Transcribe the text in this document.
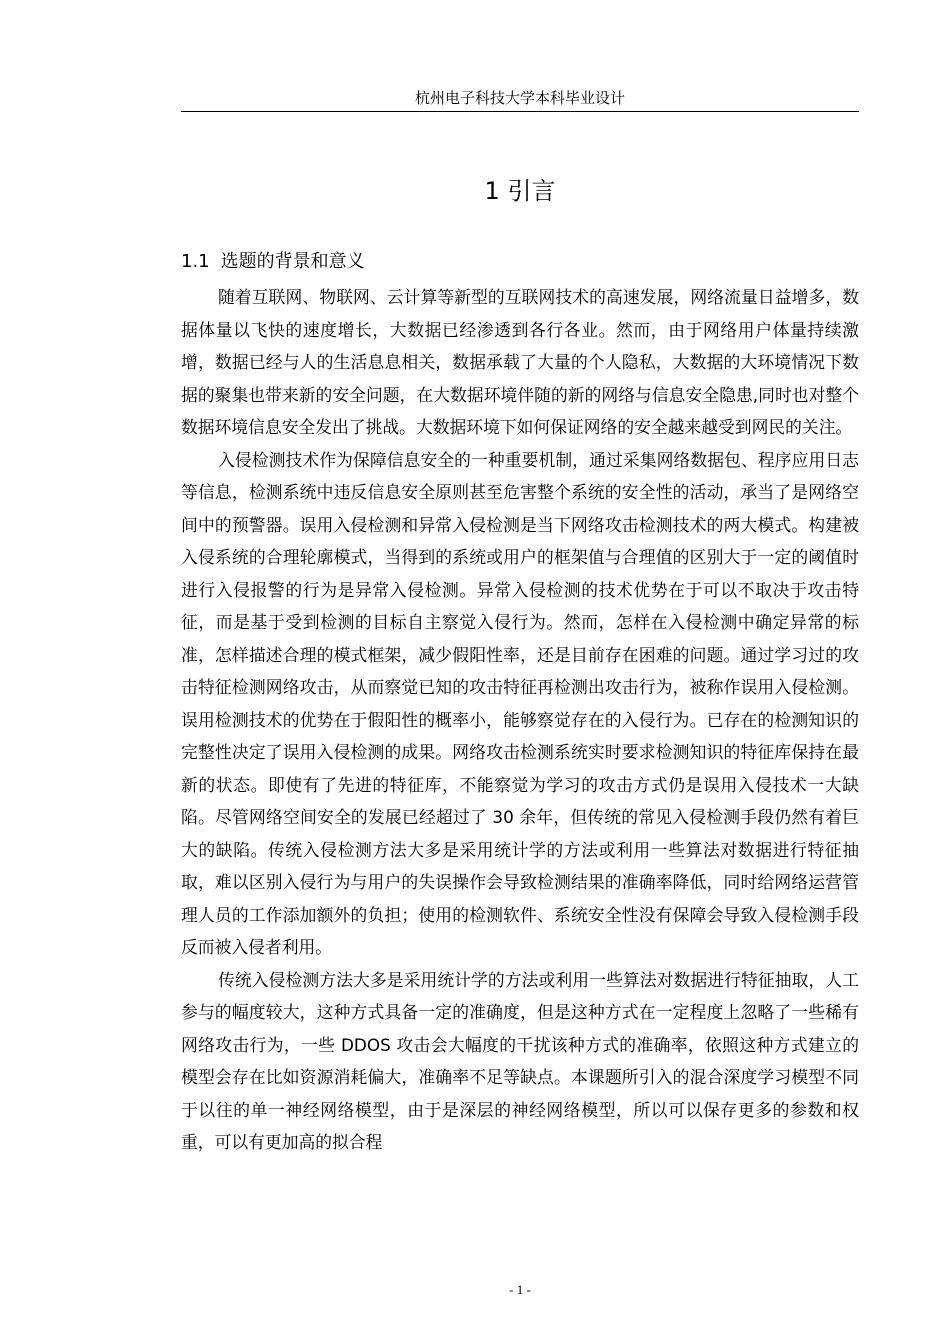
杭州电子科技大学本科毕业设计
1 引言
1.1 选题的背景和意义

随着互联网、物联网、云计算等新型的互联网技术的高速发展，网络流量日益增多，数据体量以飞快的速度增长，大数据已经渗透到各行各业。然而，由于网络用户体量持续激增，数据已经与人的生活息息相关，数据承载了大量的个人隐私，大数据的大环境情况下数据的聚集也带来新的安全问题，在大数据环境伴随的新的网络与信息安全隐患,同时也对整个数据环境信息安全发出了挑战。大数据环境下如何保证网络的安全越来越受到网民的关注。

入侵检测技术作为保障信息安全的一种重要机制，通过采集网络数据包、程序应用日志等信息，检测系统中违反信息安全原则甚至危害整个系统的安全性的活动，承当了是网络空间中的预警器。误用入侵检测和异常入侵检测是当下网络攻击检测技术的两大模式。构建被入侵系统的合理轮廓模式，当得到的系统或用户的框架值与合理值的区别大于一定的阈值时进行入侵报警的行为是异常入侵检测。异常入侵检测的技术优势在于可以不取决于攻击特征，而是基于受到检测的目标自主察觉入侵行为。然而，怎样在入侵检测中确定异常的标准，怎样描述合理的模式框架，减少假阳性率，还是目前存在困难的问题。通过学习过的攻击特征检测网络攻击，从而察觉已知的攻击特征再检测出攻击行为，被称作误用入侵检测。误用检测技术的优势在于假阳性的概率小，能够察觉存在的入侵行为。已存在的检测知识的完整性决定了误用入侵检测的成果。网络攻击检测系统实时要求检测知识的特征库保持在最新的状态。即使有了先进的特征库，不能察觉为学习的攻击方式仍是误用入侵技术一大缺陷。尽管网络空间安全的发展已经超过了 30 余年，但传统的常见入侵检测手段仍然有着巨大的缺陷。传统入侵检测方法大多是采用统计学的方法或利用一些算法对数据进行特征抽取，难以区别入侵行为与用户的失误操作会导致检测结果的准确率降低，同时给网络运营管理人员的工作添加额外的负担；使用的检测软件、系统安全性没有保障会导致入侵检测手段反而被入侵者利用。

传统入侵检测方法大多是采用统计学的方法或利用一些算法对数据进行特征抽取，人工参与的幅度较大，这种方式具备一定的准确度，但是这种方式在一定程度上忽略了一些稀有网络攻击行为，一些 DDOS 攻击会大幅度的干扰该种方式的准确率，依照这种方式建立的模型会存在比如资源消耗偏大，准确率不足等缺点。本课题所引入的混合深度学习模型不同于以往的单一神经网络模型，由于是深层的神经网络模型，所以可以保存更多的参数和权重，可以有更加高的拟合程

- 1 -
